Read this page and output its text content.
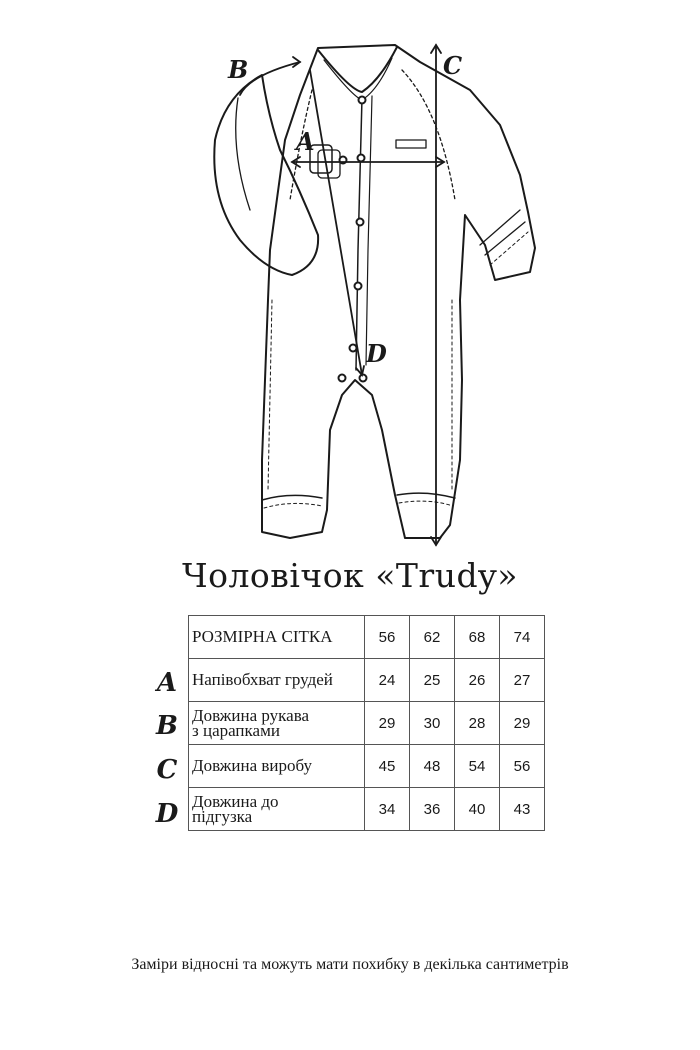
A
B	C
D
Чоловічок «Trudy»
РОЗМІРНА СІТКА	56	62	68	74
Напівобхват грудей	24	25	26	27
Довжина рукава
з царапками	29	30	28	29
Довжина виробу	45	48	54	56
Довжина до
підгузка	34	36	40	43
A
B
C
D
Заміри відносні та можуть мати похибку в декілька сантиметрів
